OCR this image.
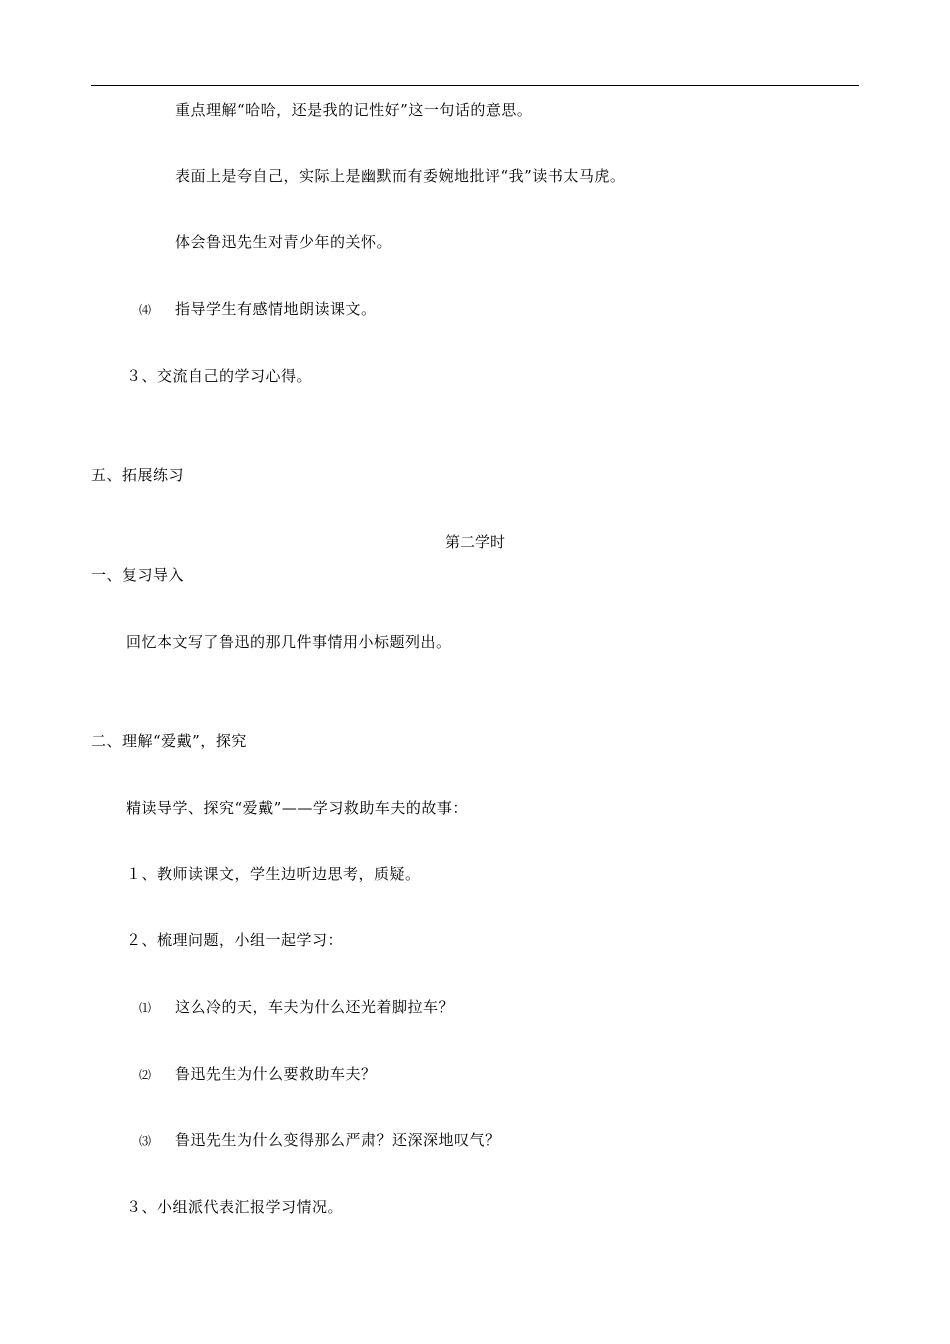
重点理解“哈哈，还是我的记性好”这一句话的意思。
表面上是夸自己，实际上是幽默而有委婉地批评“我”读书太马虎。
体会鲁迅先生对青少年的关怀。
⑷ 指导学生有感情地朗读课文。
３、交流自己的学习心得。
五、拓展练习
第二学时
一、复习导入
回忆本文写了鲁迅的那几件事情用小标题列出。
二、理解“爱戴”，探究
精读导学、探究“爱戴”——学习救助车夫的故事：
１、教师读课文，学生边听边思考，质疑。
２、梳理问题，小组一起学习：
⑴ 这么冷的天，车夫为什么还光着脚拉车？
⑵ 鲁迅先生为什么要救助车夫？
⑶ 鲁迅先生为什么变得那么严肃？还深深地叹气？
３、小组派代表汇报学习情况。
